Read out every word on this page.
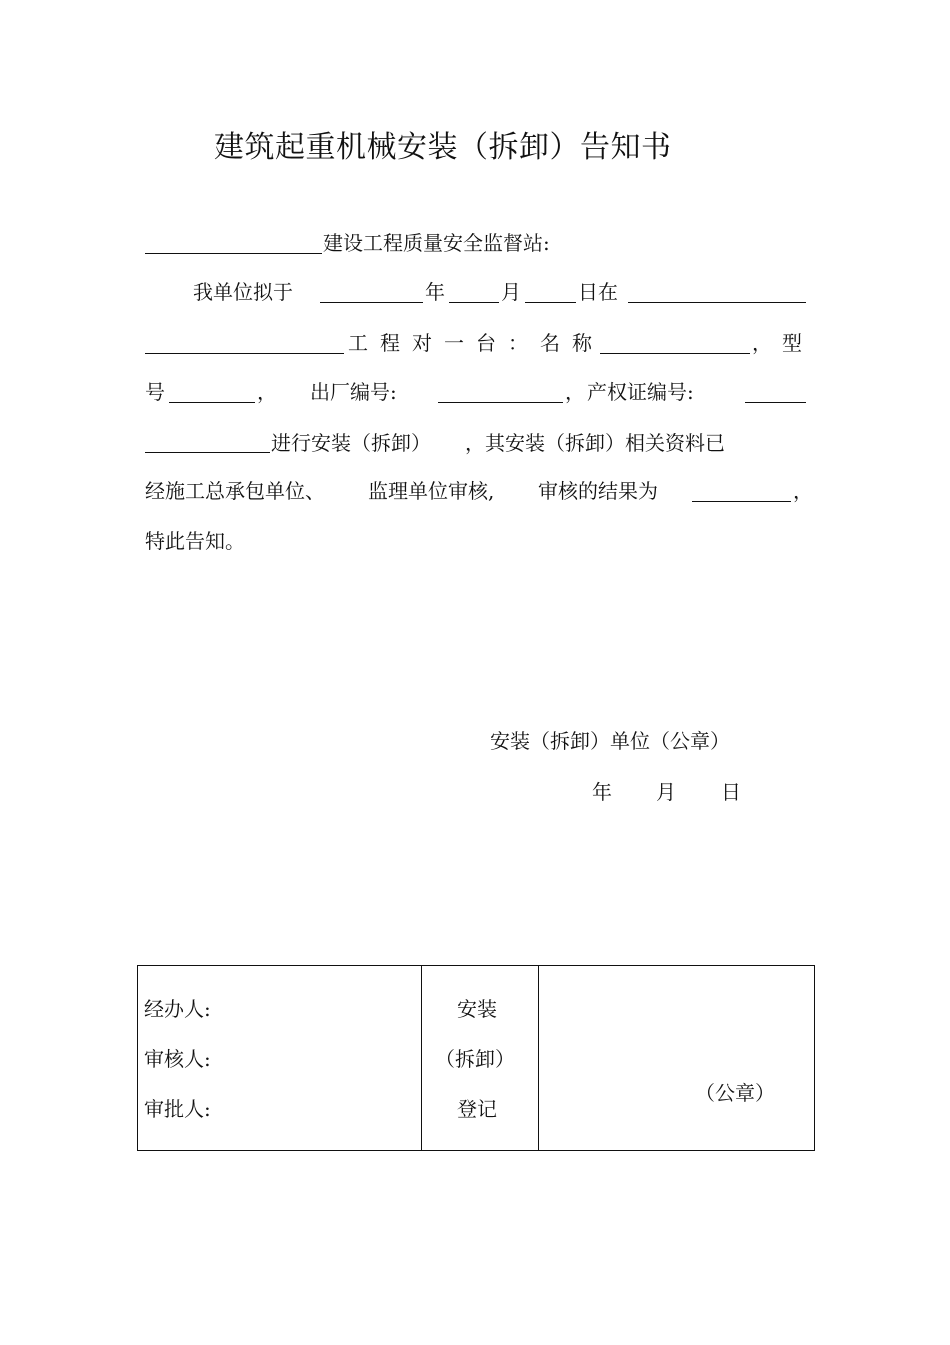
建筑起重机械安装（拆卸）告知书
建设工程质量安全监督站:
我单位拟于	年	月	日在
工程对一台：名称	， 型
号	， 出厂编号:	， 产权证编号:
进行安装（拆卸） ，其安装（拆卸）相关资料已
经施工总承包单位、 监理单位审核, 审核的结果为	，
特此告知。
安装（拆卸）单位（公章）
年 月 日
经办人:
审核人:
审批人:

安装
（拆卸）
登记

（公章）
